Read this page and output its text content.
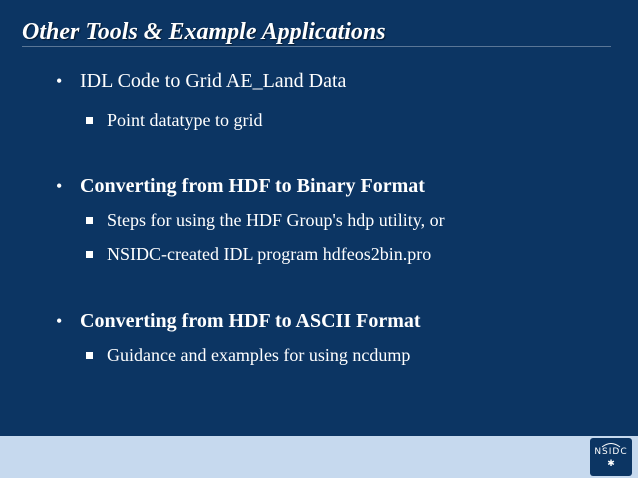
Other Tools & Example Applications
• IDL Code to Grid AE_Land Data
Point datatype to grid
• Converting from HDF to Binary Format
Steps for using the HDF Group's hdp utility, or
NSIDC-created IDL program hdfeos2bin.pro
• Converting from HDF to ASCII Format
Guidance and examples for using ncdump
NSIDC
✱
